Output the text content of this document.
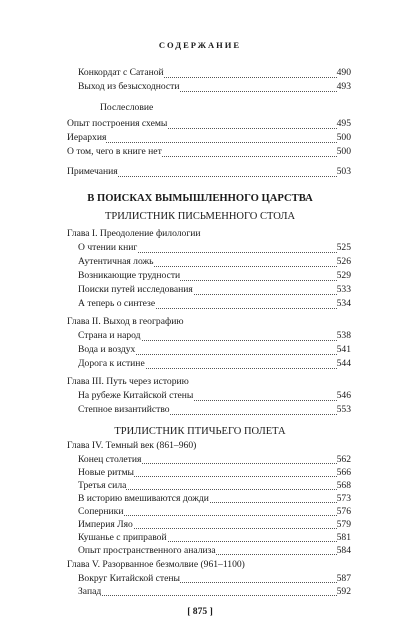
СОДЕРЖАНИЕ
Конкордат с Сатаной	490
Выход из безысходности	493
Послесловие
Опыт построения схемы	495
Иерархия	500
О том, чего в книге нет	500
Примечания	503
В ПОИСКАХ ВЫМЫШЛЕННОГО ЦАРСТВА
ТРИЛИСТНИК ПИСЬМЕННОГО СТОЛА
Глава I. Преодоление филологии
О чтении книг	525
Аутентичная ложь	526
Возникающие трудности	529
Поиски путей исследования	533
А теперь о синтезе	534
Глава II. Выход в географию
Страна и народ	538
Вода и воздух	541
Дорога к истине	544
Глава III. Путь через историю
На рубеже Китайской стены	546
Степное византийство	553
ТРИЛИСТНИК ПТИЧЬЕГО ПОЛЕТА
Глава IV. Темный век (861–960)
Конец столетия	562
Новые ритмы	566
Третья сила	568
В историю вмешиваются дожди	573
Соперники	576
Империя Ляо	579
Кушанье с приправой	581
Опыт пространственного анализа	584
Глава V. Разорванное безмолвие (961–1100)
[ 875 ]
Вокруг Китайской стены	587
Запад	592
